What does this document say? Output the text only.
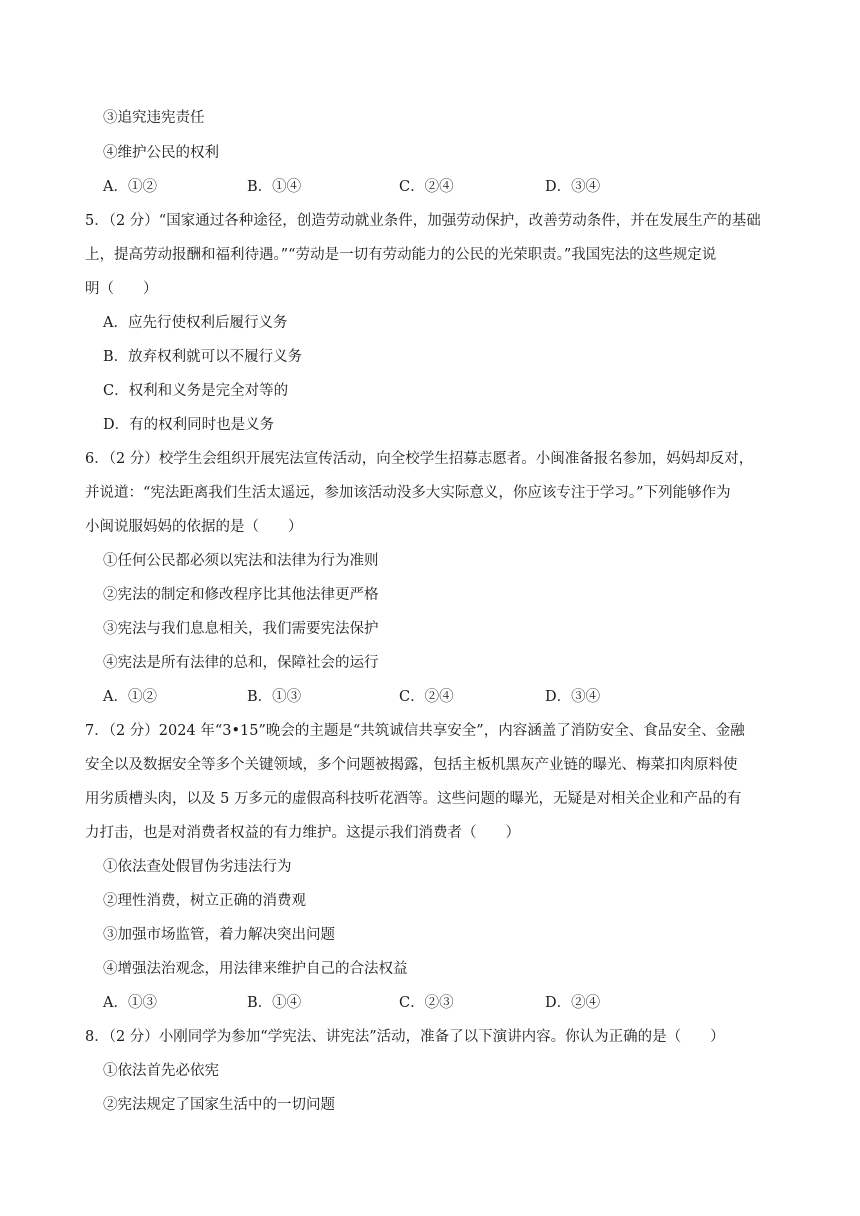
③追究违宪责任
④维护公民的权利
A．①②	B．①④	C．②④	D．③④
5．（2 分）“国家通过各种途径，创造劳动就业条件，加强劳动保护，改善劳动条件，并在发展生产的基础
上，提高劳动报酬和福利待遇。”“劳动是一切有劳动能力的公民的光荣职责。”我国宪法的这些规定说
明（　　）
A．应先行使权利后履行义务
B．放弃权利就可以不履行义务
C．权利和义务是完全对等的
D．有的权利同时也是义务
6．（2 分）校学生会组织开展宪法宣传活动，向全校学生招募志愿者。小闽准备报名参加，妈妈却反对，
并说道：“宪法距离我们生活太遥远，参加该活动没多大实际意义，你应该专注于学习。”下列能够作为
小闽说服妈妈的依据的是（　　）
①任何公民都必须以宪法和法律为行为准则
②宪法的制定和修改程序比其他法律更严格
③宪法与我们息息相关，我们需要宪法保护
④宪法是所有法律的总和，保障社会的运行
A．①②	B．①③	C．②④	D．③④
7．（2 分）2024 年“3•15”晚会的主题是“共筑诚信共享安全”，内容涵盖了消防安全、食品安全、金融
安全以及数据安全等多个关键领域，多个问题被揭露，包括主板机黑灰产业链的曝光、梅菜扣肉原料使
用劣质槽头肉，以及 5 万多元的虚假高科技听花酒等。这些问题的曝光，无疑是对相关企业和产品的有
力打击，也是对消费者权益的有力维护。这提示我们消费者（　　）
①依法查处假冒伪劣违法行为
②理性消费，树立正确的消费观
③加强市场监管，着力解决突出问题
④增强法治观念，用法律来维护自己的合法权益
A．①③	B．①④	C．②③	D．②④
8．（2 分）小刚同学为参加“学宪法、讲宪法”活动，准备了以下演讲内容。你认为正确的是（　　）
①依法首先必依宪
②宪法规定了国家生活中的一切问题
